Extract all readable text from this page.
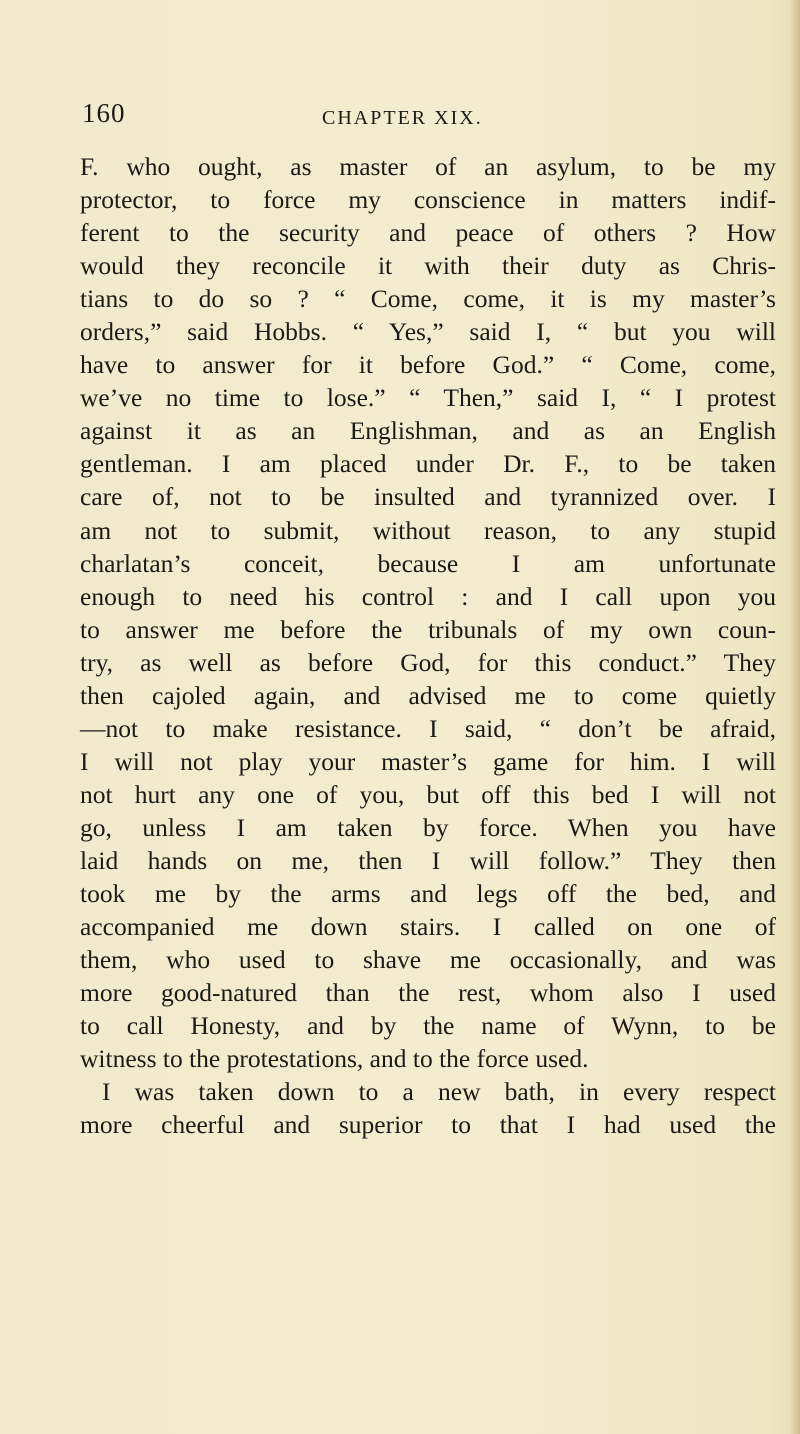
160	CHAPTER XIX.
F. who ought, as master of an asylum, to be my
protector, to force my conscience in matters indif-
ferent to the security and peace of others ? How
would they reconcile it with their duty as Chris-
tians to do so ? “ Come, come, it is my master’s
orders,” said Hobbs. “ Yes,” said I, “ but you will
have to answer for it before God.” “ Come, come,
we’ve no time to lose.” “ Then,” said I, “ I protest
against it as an Englishman, and as an English
gentleman. I am placed under Dr. F., to be taken
care of, not to be insulted and tyrannized over. I
am not to submit, without reason, to any stupid
charlatan’s conceit, because I am unfortunate
enough to need his control : and I call upon you
to answer me before the tribunals of my own coun-
try, as well as before God, for this conduct.” They
then cajoled again, and advised me to come quietly
—not to make resistance. I said, “ don’t be afraid,
I will not play your master’s game for him. I will
not hurt any one of you, but off this bed I will not
go, unless I am taken by force. When you have
laid hands on me, then I will follow.” They then
took me by the arms and legs off the bed, and
accompanied me down stairs. I called on one of
them, who used to shave me occasionally, and was
more good-natured than the rest, whom also I used
to call Honesty, and by the name of Wynn, to be
witness to the protestations, and to the force used.
I was taken down to a new bath, in every respect
more cheerful and superior to that I had used the
